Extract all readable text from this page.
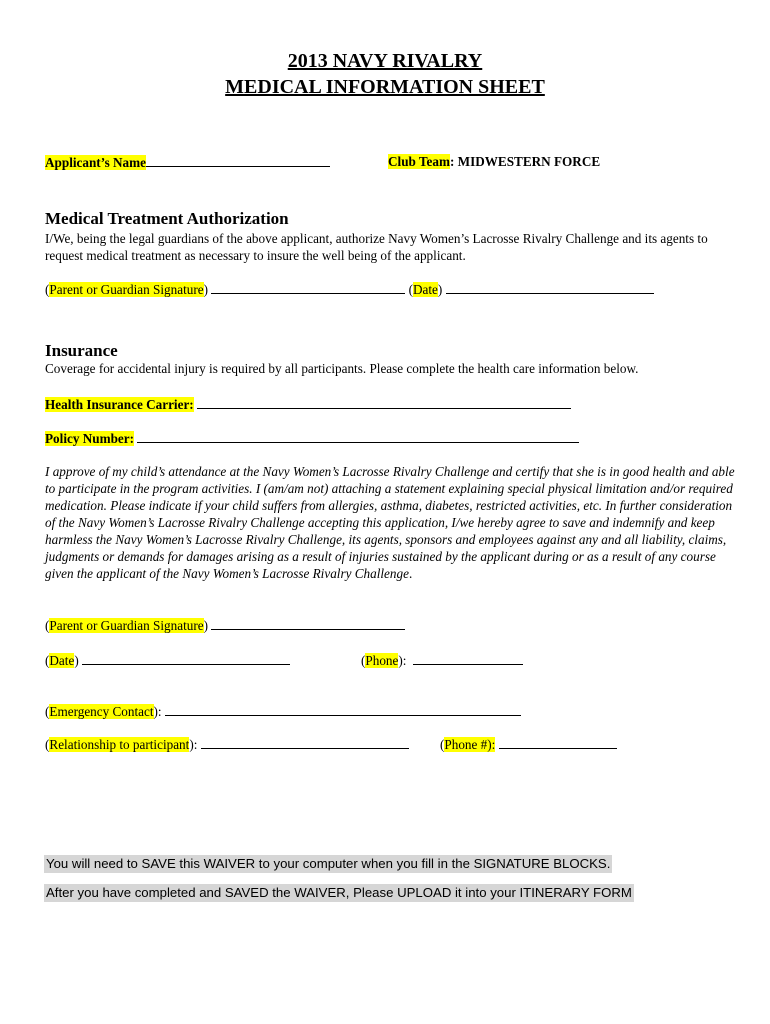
2013 NAVY RIVALRY
MEDICAL INFORMATION SHEET
Applicant’s Name	Club Team: MIDWESTERN FORCE
Medical Treatment Authorization
I/We, being the legal guardians of the above applicant, authorize Navy Women’s Lacrosse Rivalry Challenge and its agents to request medical treatment as necessary to insure the well being of the applicant.
(Parent or Guardian Signature)	(Date)
Insurance
Coverage for accidental injury is required by all participants. Please complete the health care information below.
Health Insurance Carrier:
Policy Number:
I approve of my child’s attendance at the Navy Women’s Lacrosse Rivalry Challenge and certify that she is in good health and able to participate in the program activities. I (am/am not) attaching a statement explaining special physical limitation and/or required medication. Please indicate if your child suffers from allergies, asthma, diabetes, restricted activities, etc. In further consideration of the Navy Women’s Lacrosse Rivalry Challenge accepting this application, I/we hereby agree to save and indemnify and keep harmless the Navy Women’s Lacrosse Rivalry Challenge, its agents, sponsors and employees against any and all liability, claims, judgments or demands for damages arising as a result of injuries sustained by the applicant during or as a result of any course given the applicant of the Navy Women’s Lacrosse Rivalry Challenge.
(Parent or Guardian Signature)
(Date)	(Phone):
(Emergency Contact):
(Relationship to participant):	(Phone #):
You will need to SAVE this WAIVER to your computer when you fill in the SIGNATURE BLOCKS.
After you have completed and SAVED the WAIVER, Please UPLOAD it into your ITINERARY FORM
